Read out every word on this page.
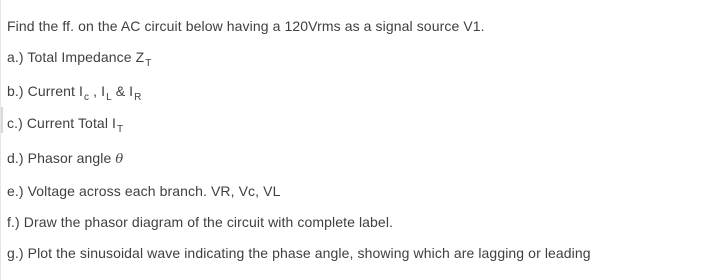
Find the ff. on the AC circuit below having a 120Vrms as a signal source V1.
a.) Total Impedance $Z_T$
b.) Current $I_c$ , $I_L$ & $I_R$
c.) Current Total $I_T$
d.) Phasor angle θ
e.) Voltage across each branch. VR, Vc, VL
f.) Draw the phasor diagram of the circuit with complete label.
g.) Plot the sinusoidal wave indicating the phase angle, showing which are lagging or leading
